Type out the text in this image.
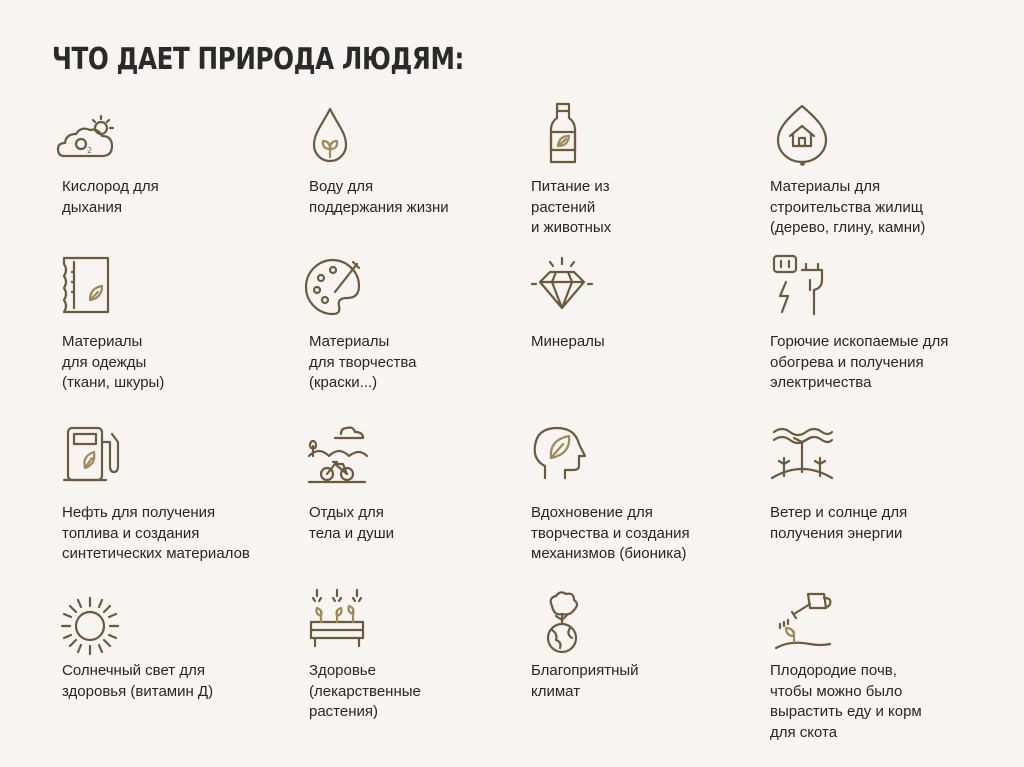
ЧТО ДАЕТ ПРИРОДА ЛЮДЯМ:
2
Кислород для
дыхания
Воду для
поддержания жизни
Питание из
растений
и животных
Материалы для
строительства жилищ
(дерево, глину, камни)
Материалы
для одежды
(ткани, шкуры)
Материалы
для творчества
(краски...)
Минералы	Горючие ископаемые для
обогрева и получения
электричества
Нефть для получения
топлива и создания
синтетических материалов
Отдых для
тела и души
Вдохновение для
творчества и создания
механизмов (бионика)
Ветер и солнце для
получения энергии
Солнечный свет для
здоровья (витамин Д)
Здоровье
(лекарственные
растения)
Благоприятный
климат
Плодородие почв,
чтобы можно было
вырастить еду и корм
для скота
